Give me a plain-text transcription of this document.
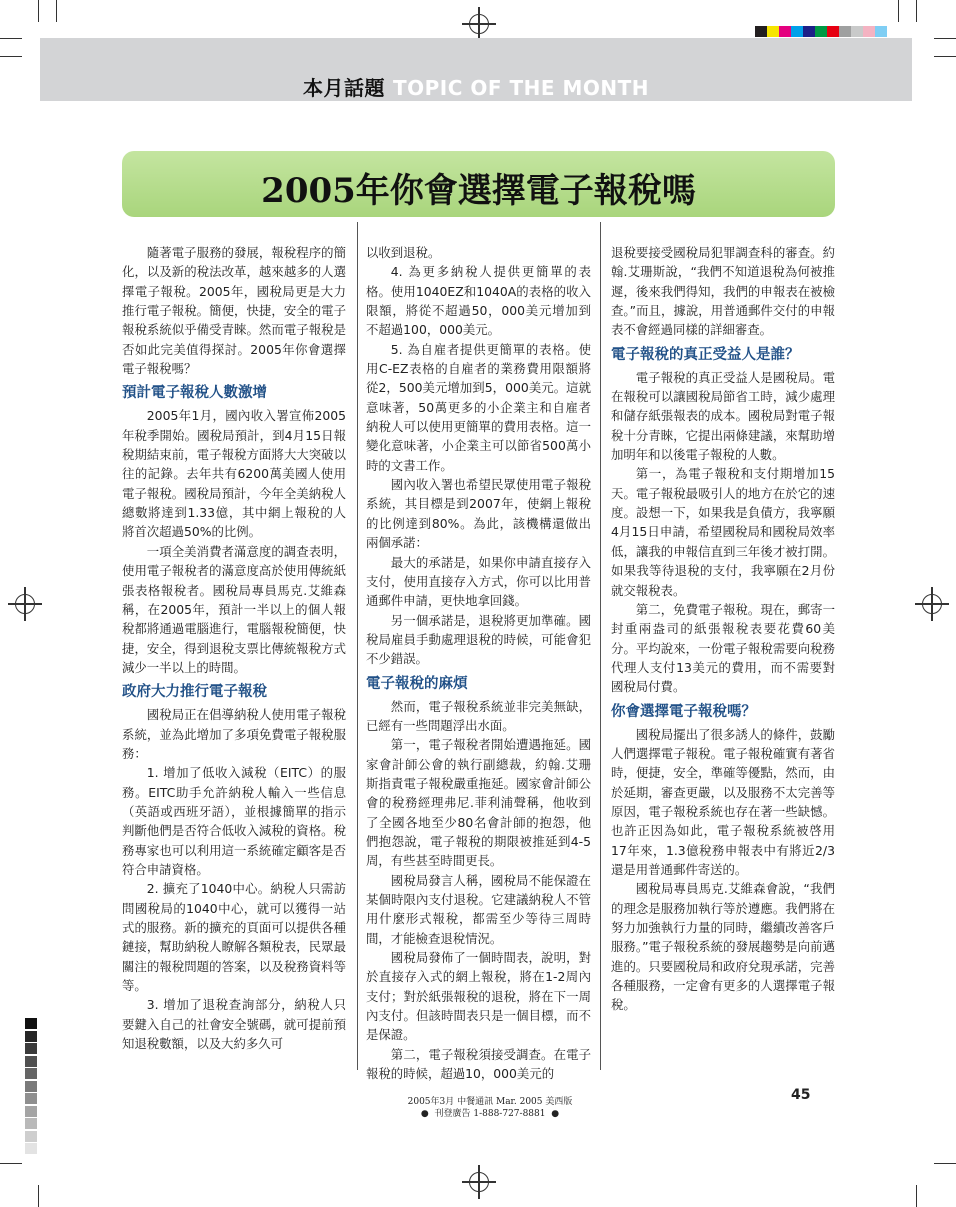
本月話題 TOPIC OF THE MONTH
2005年你會選擇電子報稅嗎

隨著電子服務的發展，報稅程序的簡化，以及新的稅法改革，越來越多的人選擇電子報稅。2005年，國稅局更是大力推行電子報稅。簡便，快捷，安全的電子報稅系統似乎備受青睞。然而電子報稅是否如此完美值得探討。2005年你會選擇電子報稅嗎？

預計電子報稅人數激增

2005年1月，國內收入署宣佈2005年稅季開始。國稅局預計，到4月15日報稅期結束前，電子報稅方面將大大突破以往的記錄。去年共有6200萬美國人使用電子報稅。國稅局預計，今年全美納稅人總數將達到1.33億，其中網上報稅的人將首次超過50%的比例。

一項全美消費者滿意度的調查表明，使用電子報稅者的滿意度高於使用傳統紙張表格報稅者。國稅局專員馬克.艾維森稱，在2005年，預計一半以上的個人報稅都將通過電腦進行，電腦報稅簡便，快捷，安全，得到退稅支票比傳統報稅方式減少一半以上的時間。

政府大力推行電子報稅

國稅局正在倡導納稅人使用電子報稅系統，並為此增加了多項免費電子報稅服務：

1. 增加了低收入減稅（EITC）的服務。EITC助手允許納稅人輸入一些信息（英語或西班牙語），並根據簡單的指示判斷他們是否符合低收入減稅的資格。稅務專家也可以利用這一系統確定顧客是否符合申請資格。

2. 擴充了1040中心。納稅人只需訪問國稅局的1040中心，就可以獲得一站式的服務。新的擴充的頁面可以提供各種鏈接，幫助納稅人瞭解各類稅表，民眾最關注的報稅問題的答案，以及稅務資料等等。

3. 增加了退稅查詢部分，納稅人只要鍵入自己的社會安全號碼，就可提前預知退稅數額，以及大約多久可

以收到退稅。

4. 為更多納稅人提供更簡單的表格。使用1040EZ和1040A的表格的收入限額，將從不超過50，000美元增加到不超過100，000美元。

5. 為自雇者提供更簡單的表格。使用C-EZ表格的自雇者的業務費用限額將從2，500美元增加到5，000美元。這就意味著，50萬更多的小企業主和自雇者納稅人可以使用更簡單的費用表格。這一變化意味著，小企業主可以節省500萬小時的文書工作。

國內收入署也希望民眾使用電子報稅系統，其目標是到2007年，使網上報稅的比例達到80%。為此，該機構還做出兩個承諾：

最大的承諾是，如果你申請直接存入支付，使用直接存入方式，你可以比用普通郵件申請，更快地拿回錢。

另一個承諾是，退稅將更加準確。國稅局雇員手動處理退稅的時候，可能會犯不少錯誤。

電子報稅的麻煩

然而，電子報稅系統並非完美無缺，已經有一些問題浮出水面。

第一，電子報稅者開始遭遇拖延。國家會計師公會的執行副總裁，約翰.艾珊斯指責電子報稅嚴重拖延。國家會計師公會的稅務經理弗尼.菲利浦聲稱，他收到了全國各地至少80名會計師的抱怨，他們抱怨說，電子報稅的期限被推延到4-5周，有些甚至時間更長。

國稅局發言人稱，國稅局不能保證在某個時限內支付退稅。它建議納稅人不管用什麼形式報稅，都需至少等待三周時間，才能檢查退稅情況。

國稅局發佈了一個時間表，說明，對於直接存入式的網上報稅，將在1-2周內支付；對於紙張報稅的退稅，將在下一周內支付。但該時間表只是一個目標，而不是保證。

第二，電子報稅須接受調查。在電子報稅的時候，超過10，000美元的

退稅要接受國稅局犯罪調查科的審查。約翰.艾珊斯說，“我們不知道退稅為何被推遲，後來我們得知，我們的申報表在被檢查。”而且，據說，用普通郵件交付的申報表不會經過同樣的詳細審查。

電子報稅的真正受益人是誰？

電子報稅的真正受益人是國稅局。電在報稅可以讓國稅局節省工時，減少處理和儲存紙張報表的成本。國稅局對電子報稅十分青睞，它提出兩條建議，來幫助增加明年和以後電子報稅的人數。

第一，為電子報稅和支付期增加15天。電子報稅最吸引人的地方在於它的速度。設想一下，如果我是負債方，我寧願4月15日申請，希望國稅局和國稅局效率低，讓我的申報信直到三年後才被打開。如果我等待退稅的支付，我寧願在2月份就交報稅表。

第二，免費電子報稅。現在，郵寄一封重兩盎司的紙張報稅表要花費60美分。平均說來，一份電子報稅需要向稅務代理人支付13美元的費用，而不需要對國稅局付費。

你會選擇電子報稅嗎？

國稅局擺出了很多誘人的條件，鼓勵人們選擇電子報稅。電子報稅確實有著省時，便捷，安全，準確等優點，然而，由於延期，審查更嚴，以及服務不太完善等原因，電子報稅系統也存在著一些缺憾。也許正因為如此，電子報稅系統被啓用17年來，1.3億稅務申報表中有將近2/3還是用普通郵件寄送的。

國稅局專員馬克.艾維森會說，“我們的理念是服務加執行等於遵應。我們將在努力加強執行力量的同時，繼續改善客戶服務。”電子報稅系統的發展趨勢是向前邁進的。只要國稅局和政府兌現承諾，完善各種服務，一定會有更多的人選擇電子報稅。

45
2005年3月 中餐通訊 Mar. 2005 美西版
● 刊登廣告 1-888-727-8881 ●
